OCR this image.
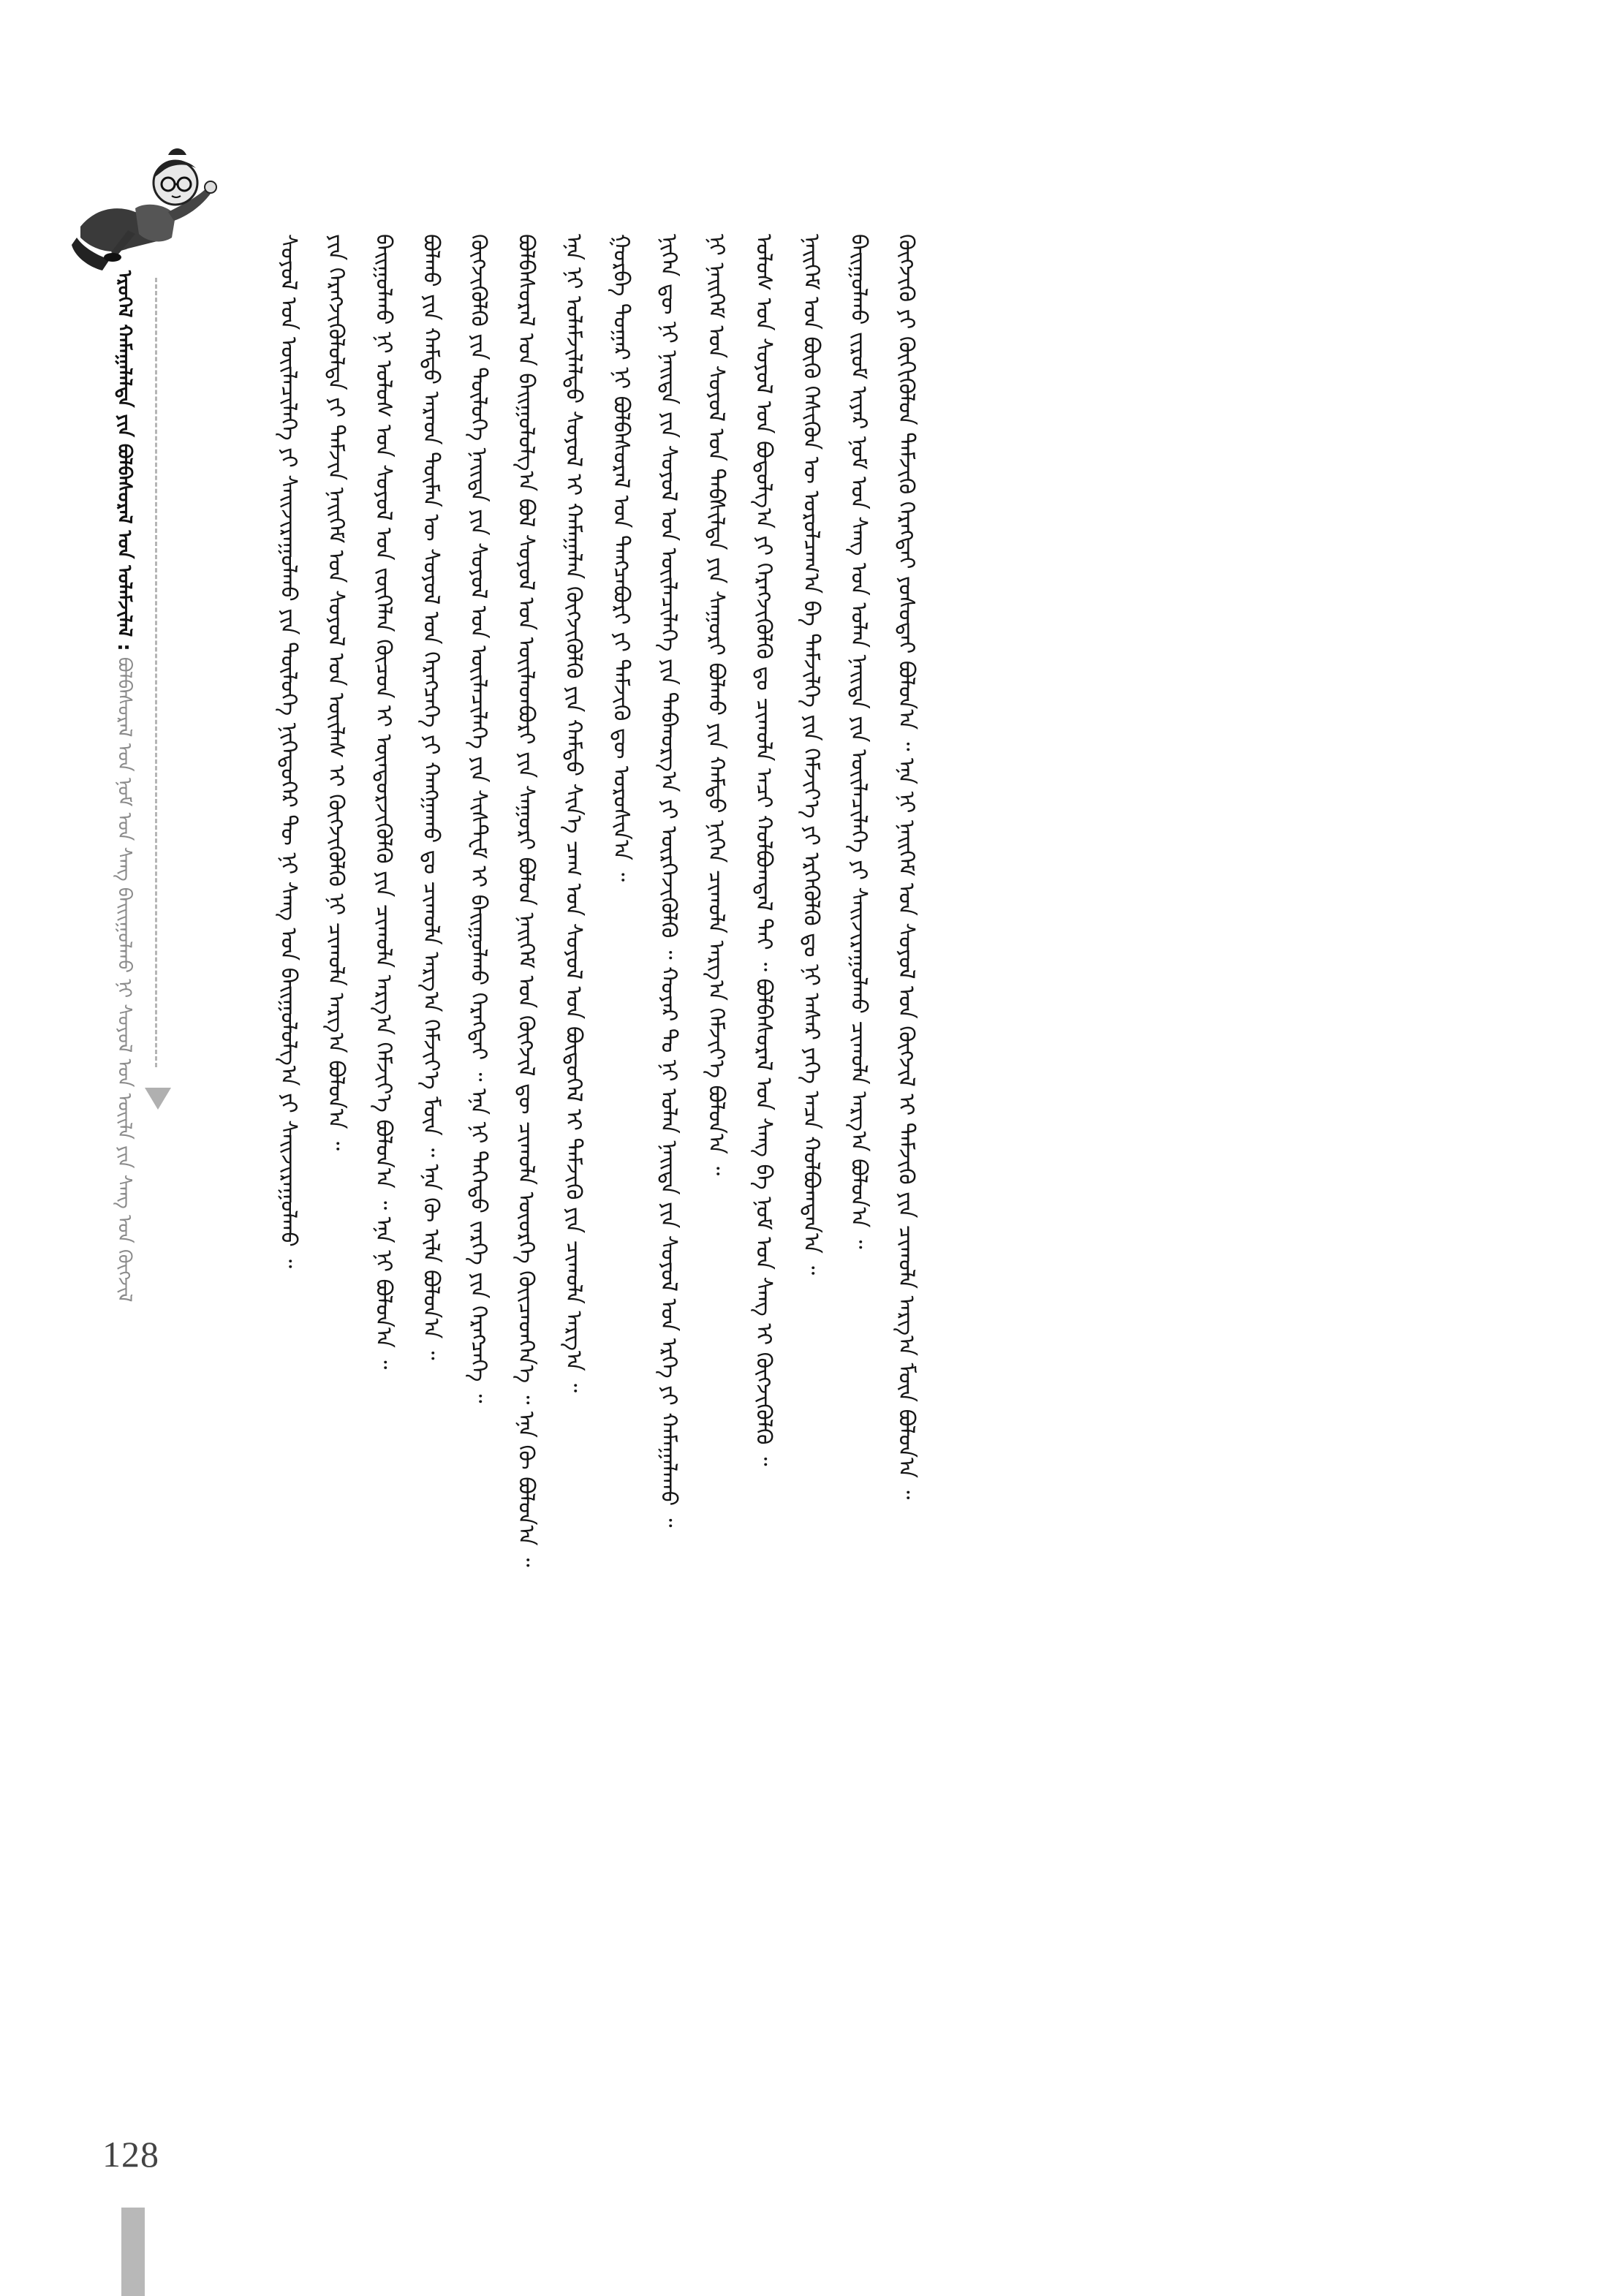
ᠡᠷᠦᠬᠡᠯ ᠬᠠᠮᠠᠭᠠᠯᠠᠯᠲᠠ ᠶᠢᠨ ᠪᠣᠯᠪᠠᠰᠤᠷᠠᠯ ᠤᠨ ᠤᠯᠠᠮᠵᠢᠯᠠᠯ : ᠪᠣᠯᠪᠠᠰᠤᠷᠠᠯ ᠤᠨ ᠨᠣᠮ ᠤᠨ ᠰᠠᠩ ᠪᠠᠢᠢᠭᠤᠯᠬᠤ ᠨᠢ ᠰᠣᠶᠣᠯ ᠤᠨ ᠦᠢᠯᠡ ᠶᠢᠨ ᠰᠠᠩ ᠤᠨ ᠬᠥᠭᠵᠢᠯ	ᠬᠥᠭᠵᠢᠬᠦ ᠶᠢ ᠬᠥᠬᠢᠭᠦᠯᠦᠨ ᠳᠡᠮᠵᠢᠬᠦ ᠬᠡᠷᠡᠭᠲᠡᠢ ᠶᠣᠰᠣᠲᠠᠢ ᠪᠣᠯᠤᠨ᠎ᠠ ᠃ ᠡᠨᠡ ᠨᠢ ᠨᠡᠢᠭᠡᠮ ᠤᠨ ᠰᠣᠶᠣᠯ ᠤᠨ ᠬᠥᠭᠵᠢᠯ ᠢ ᠳᠡᠮᠵᠢᠬᠦ ᠶᠢᠨ ᠴᠢᠬᠤᠯᠠ ᠠᠷᠭ᠎ᠠ ᠮᠥᠨ ᠪᠣᠯᠤᠨ᠎ᠠ ᠃
ᠪᠠᠢᠭᠤᠯᠬᠤ ᠵᠢᠷᠤᠮ ᠢᠶᠡᠷ ᠨᠣᠮ ᠤᠨ ᠰᠠᠩ ᠤᠨ ᠣᠯᠠᠨ ᠨᠡᠢᠲᠡ ᠶᠢᠨ ᠦᠢᠯᠡᠴᠢᠯᠡᠭᠡ ᠶᠢ ᠰᠠᠢᠵᠢᠷᠠᠭᠤᠯᠬᠤ ᠴᠢᠬᠤᠯᠠ ᠠᠷᠭ᠎ᠠ ᠪᠣᠯᠤᠨ᠎ᠠ ᠃
ᠨᠡᠢᠭᠡᠮ ᠤᠨ ᠪᠦᠬᠦ ᠭᠡᠰᠢᠭᠦᠨ ᠦ ᠣᠷᠣᠯᠴᠠᠭ᠎ᠠ ᠪᠠ ᠳᠡᠮᠵᠢᠯᠭᠡ ᠶᠢᠨ ᠬᠡᠮᠵᠢᠶ᠎ᠡ ᠶᠢ ᠡᠷᠭᠡᠭᠦᠯᠬᠦ ᠳᠤ ᠨᠢ ᠠᠰᠠᠷ ᠶᠡᠬᠡ ᠠᠴᠠ ᠬᠣᠯᠪᠣᠭᠳᠠᠨ᠎ᠠ ᠃
ᠤᠯᠤᠰ ᠤᠨ ᠰᠣᠶᠣᠯ ᠤᠨ ᠪᠣᠳᠣᠯᠭ᠎ᠠ ᠶᠢ ᠬᠡᠷᠡᠭᠵᠢᠭᠦᠯᠬᠦ ᠳᠤ ᠴᠢᠬᠤᠯᠠ ᠠᠴᠢ ᠬᠣᠯᠪᠣᠭᠳᠠᠯ ᠲᠠᠢ ᠃ ᠪᠣᠯᠪᠠᠰᠤᠷᠠᠯ ᠤᠨ ᠰᠠᠩ ᠪᠠ ᠨᠣᠮ ᠤᠨ ᠰᠠᠩ ᠢ ᠬᠥᠭᠵᠢᠭᠦᠯᠬᠦ ᠃
ᠨᠢ ᠨᠡᠢᠭᠡᠮ ᠤᠨ ᠰᠣᠶᠣᠯ ᠤᠨ ᠳᠡᠪᠰᠢᠯᠲᠡ ᠶᠢᠨ ᠰᠠᠭᠤᠷᠢ ᠪᠣᠯᠬᠤ ᠶᠢᠨ ᠬᠠᠮᠲᠤ ᠨᠢᠭᠡᠨ ᠴᠢᠬᠤᠯᠠ ᠠᠷᠭ᠎ᠠ ᠬᠡᠮᠵᠢᠶ᠎ᠡ ᠪᠣᠯᠤᠨ᠎ᠠ ᠃
ᠨᠢᠭᠡᠨ ᠳᠦ ᠨᠢ ᠨᠡᠢᠲᠡ ᠶᠢᠨ ᠰᠣᠶᠣᠯ ᠤᠨ ᠦᠢᠯᠡᠴᠢᠯᠡᠭᠡ ᠶᠢᠨ ᠳᠠᠪᠬᠤᠷᠭ᠎ᠠ ᠶᠢ ᠥᠷᠭᠡᠵᠢᠭᠦᠯᠬᠦ ᠃ ᠬᠣᠶᠠᠷ ᠲᠤ ᠨᠢ ᠣᠯᠠᠨ ᠨᠡᠢᠲᠡ ᠶᠢᠨ ᠰᠣᠶᠣᠯ ᠤᠨ ᠡᠷᠬᠡ ᠶᠢ ᠬᠠᠮᠠᠭᠠᠯᠠᠬᠤ ᠃
ᠭᠤᠷᠪᠠ ᠳᠤᠭᠠᠷ ᠨᠢ ᠪᠣᠯᠪᠠᠰᠤᠷᠠᠯ ᠤᠨ ᠲᠡᠩᠴᠡᠪᠦᠷᠢ ᠶᠢ ᠳᠡᠮᠵᠢᠬᠦ ᠳᠦ ᠣᠷᠣᠰᠢᠨ᠎ᠠ ᠃
ᠡᠨᠡ ᠨᠢ ᠤᠯᠠᠮᠵᠢᠯᠠᠯᠲᠤ ᠰᠣᠶᠣᠯ ᠢ ᠬᠠᠮᠠᠭᠠᠯᠠᠨ ᠬᠥᠭᠵᠢᠭᠦᠯᠬᠦ ᠶᠢᠨ ᠬᠠᠮᠲᠤ ᠰᠢᠨ᠎ᠡ ᠴᠠᠭ ᠤᠨ ᠰᠣᠶᠣᠯ ᠤᠨ ᠪᠦᠲᠦᠭᠡᠯ ᠢ ᠳᠡᠮᠵᠢᠬᠦ ᠶᠢᠨ ᠴᠢᠬᠤᠯᠠ ᠠᠷᠭ᠎ᠠ ᠃
ᠪᠣᠯᠪᠠᠰᠤᠷᠠᠯ ᠤᠨ ᠪᠠᠢᠭᠤᠯᠤᠯᠭ᠎ᠠ ᠪᠣᠯ ᠰᠣᠶᠣᠯ ᠤᠨ ᠦᠢᠯᠡᠳᠪᠦᠷᠢ ᠶᠢᠨ ᠰᠠᠭᠤᠷᠢ ᠪᠣᠯᠤᠨ ᠨᠡᠢᠭᠡᠮ ᠤᠨ ᠬᠥᠭᠵᠢᠯ ᠳᠦ ᠴᠢᠬᠤᠯᠠ ᠦᠦᠷᠭᠡ ᠭᠦᠢᠴᠡᠳᠬᠡᠨ᠎ᠡ ᠃ ᠡᠨᠡ ᠬᠦ ᠪᠣᠯᠤᠨ᠎ᠠ ᠃
ᠬᠥᠭᠵᠢᠭᠦᠯᠬᠦ ᠶᠢᠨ ᠲᠥᠯᠦᠭᠡ ᠨᠡᠢᠲᠡ ᠶᠢᠨ ᠰᠣᠶᠣᠯ ᠤᠨ ᠦᠢᠯᠡᠴᠢᠯᠡᠭᠡ ᠶᠢᠨ ᠰᠢᠰᠲ᠋ᠧᠮ ᠢ ᠪᠠᠢᠭᠤᠯᠬᠤ ᠬᠡᠷᠡᠭᠲᠡᠢ ᠃ ᠡᠨᠡ ᠨᠢ ᠳᠡᠭᠡᠳᠦ ᠵᠡᠷᠭᠡ ᠶᠢᠨ ᠬᠡᠷᠡᠭᠴᠡᠭᠡ ᠃
ᠪᠣᠯᠬᠤ ᠶᠢᠨ ᠬᠠᠮᠲᠤ ᠠᠷᠠᠳ ᠲᠦᠮᠡᠨ ᠦ ᠰᠣᠶᠣᠯ ᠤᠨ ᠬᠡᠷᠡᠭᠴᠡᠭᠡ ᠶᠢ ᠬᠠᠩᠭᠠᠬᠤ ᠳᠤ ᠴᠢᠬᠤᠯᠠ ᠠᠷᠭ᠎ᠠ ᠬᠡᠮᠵᠢᠶ᠎ᠡ ᠮᠥᠨ ᠃ ᠡᠨᠡ ᠬᠦ ᠢᠯᠡ ᠪᠣᠯᠤᠨ᠎ᠠ ᠃
ᠪᠠᠢᠭᠤᠯᠬᠤ ᠨᠢ ᠤᠯᠤᠰ ᠤᠨ ᠰᠣᠶᠣᠯ ᠤᠨ ᠵᠥᠭᠡᠯᠡᠨ ᠬᠦᠴᠦᠨ ᠢ ᠥᠨᠳᠥᠷᠵᠢᠭᠦᠯᠬᠦ ᠶᠢᠨ ᠴᠢᠬᠤᠯᠠ ᠠᠷᠭ᠎ᠠ ᠬᠡᠮᠵᠢᠶ᠎ᠡ ᠪᠣᠯᠤᠨ᠎ᠠ ᠃ ᠡᠨᠡ ᠨᠢ ᠪᠣᠯᠤᠨ᠎ᠠ ᠃
ᠶᠢᠨ ᠬᠡᠷᠡᠭᠵᠢᠭᠦᠯᠦᠯᠲᠡ ᠶᠢ ᠳᠡᠮᠵᠢᠨ ᠨᠡᠢᠭᠡᠮ ᠤᠨ ᠰᠣᠶᠣᠯ ᠤᠨ ᠦᠢᠯᠡᠰ ᠢ ᠬᠥᠭᠵᠢᠭᠦᠯᠬᠦ ᠨᠢ ᠴᠢᠬᠤᠯᠠ ᠠᠷᠭ᠎ᠠ ᠪᠣᠯᠤᠨ᠎ᠠ ᠃
ᠰᠣᠶᠣᠯ ᠤᠨ ᠦᠢᠯᠡᠴᠢᠯᠡᠭᠡ ᠶᠢ ᠰᠠᠢᠵᠢᠷᠠᠭᠤᠯᠬᠤ ᠶᠢᠨ ᠲᠥᠯᠦᠭᠡ ᠨᠢᠭᠡᠳᠦᠭᠡᠷ ᠲᠦ ᠨᠢ ᠰᠠᠩ ᠤᠨ ᠪᠠᠢᠭᠤᠯᠤᠯᠭ᠎ᠠ ᠶᠢ ᠰᠠᠢᠵᠢᠷᠠᠭᠤᠯᠬᠤ ᠃
128
